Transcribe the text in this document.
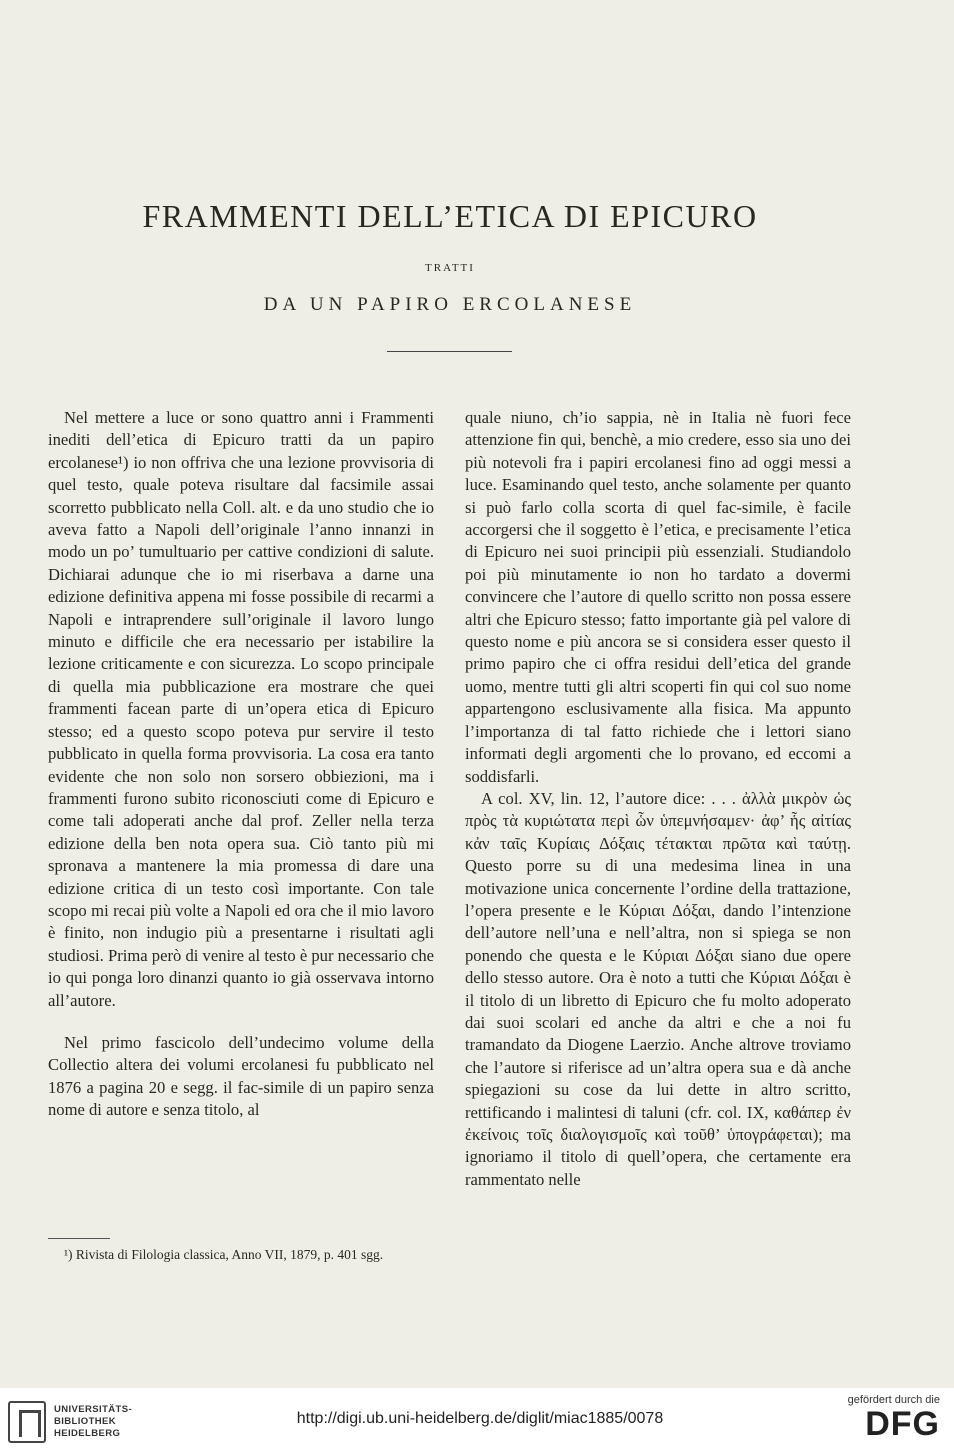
FRAMMENTI DELL’ETICA DI EPICURO
TRATTI
DA UN PAPIRO ERCOLANESE

Nel mettere a luce or sono quattro anni i Frammenti inediti dell’etica di Epicuro tratti da un papiro ercolanese¹) io non offriva che una lezione provvisoria di quel testo, quale poteva risultare dal facsimile assai scorretto pubblicato nella Coll. alt. e da uno studio che io aveva fatto a Napoli dell’originale l’anno innanzi in modo un po’ tumultuario per cattive condizioni di salute. Dichiarai adunque che io mi riserbava a darne una edizione definitiva appena mi fosse possibile di recarmi a Napoli e intraprendere sull’originale il lavoro lungo minuto e difficile che era necessario per istabilire la lezione criticamente e con sicurezza. Lo scopo principale di quella mia pubblicazione era mostrare che quei frammenti facean parte di un’opera etica di Epicuro stesso; ed a questo scopo poteva pur servire il testo pubblicato in quella forma provvisoria. La cosa era tanto evidente che non solo non sorsero obbiezioni, ma i frammenti furono subito riconosciuti come di Epicuro e come tali adoperati anche dal prof. Zeller nella terza edizione della ben nota opera sua. Ciò tanto più mi spronava a mantenere la mia promessa di dare una edizione critica di un testo così importante. Con tale scopo mi recai più volte a Napoli ed ora che il mio lavoro è finito, non indugio più a presentarne i risultati agli studiosi. Prima però di venire al testo è pur necessario che io qui ponga loro dinanzi quanto io già osservava intorno all’autore.

Nel primo fascicolo dell’undecimo volume della Collectio altera dei volumi ercolanesi fu pubblicato nel 1876 a pagina 20 e segg. il fac-simile di un papiro senza nome di autore e senza titolo, al

quale niuno, ch’io sappia, nè in Italia nè fuori fece attenzione fin qui, benchè, a mio credere, esso sia uno dei più notevoli fra i papiri ercolanesi fino ad oggi messi a luce. Esaminando quel testo, anche solamente per quanto si può farlo colla scorta di quel fac-simile, è facile accorgersi che il soggetto è l’etica, e precisamente l’etica di Epicuro nei suoi principii più essenziali. Studiandolo poi più minutamente io non ho tardato a dovermi convincere che l’autore di quello scritto non possa essere altri che Epicuro stesso; fatto importante già pel valore di questo nome e più ancora se si considera esser questo il primo papiro che ci offra residui dell’etica del grande uomo, mentre tutti gli altri scoperti fin qui col suo nome appartengono esclusivamente alla fisica. Ma appunto l’importanza di tal fatto richiede che i lettori siano informati degli argomenti che lo provano, ed eccomi a soddisfarli.

A col. XV, lin. 12, l’autore dice: . . . ἀλλὰ μικρὸν ὡς πρὸς τὰ κυριώτατα περὶ ὧν ὑπεμνήσαμεν· ἀφ’ ἧς αἰτίας κἀν ταῖς Κυρίαις Δόξαις τέτακται πρῶτα καὶ ταύτῃ. Questo porre su di una medesima linea in una motivazione unica concernente l’ordine della trattazione, l’opera presente e le Κύριαι Δόξαι, dando l’intenzione dell’autore nell’una e nell’altra, non si spiega se non ponendo che questa e le Κύριαι Δόξαι siano due opere dello stesso autore. Ora è noto a tutti che Κύριαι Δόξαι è il titolo di un libretto di Epicuro che fu molto adoperato dai suoi scolari ed anche da altri e che a noi fu tramandato da Diogene Laerzio. Anche altrove troviamo che l’autore si riferisce ad un’altra opera sua e dà anche spiegazioni su cose da lui dette in altro scritto, rettificando i malintesi di taluni (cfr. col. IX, καθάπερ ἐν ἐκείνοις τοῖς διαλογισμοῖς καὶ τοῦθ’ ὑπογράφεται); ma ignoriamo il titolo di quell’opera, che certamente era rammentato nelle

¹) Rivista di Filologia classica, Anno VII, 1879, p. 401 sgg.
UNIVERSITÄTS-
BIBLIOTHEK
HEIDELBERG
http://digi.ub.uni-heidelberg.de/diglit/miac1885/0078
gefördert durch die
DFG
